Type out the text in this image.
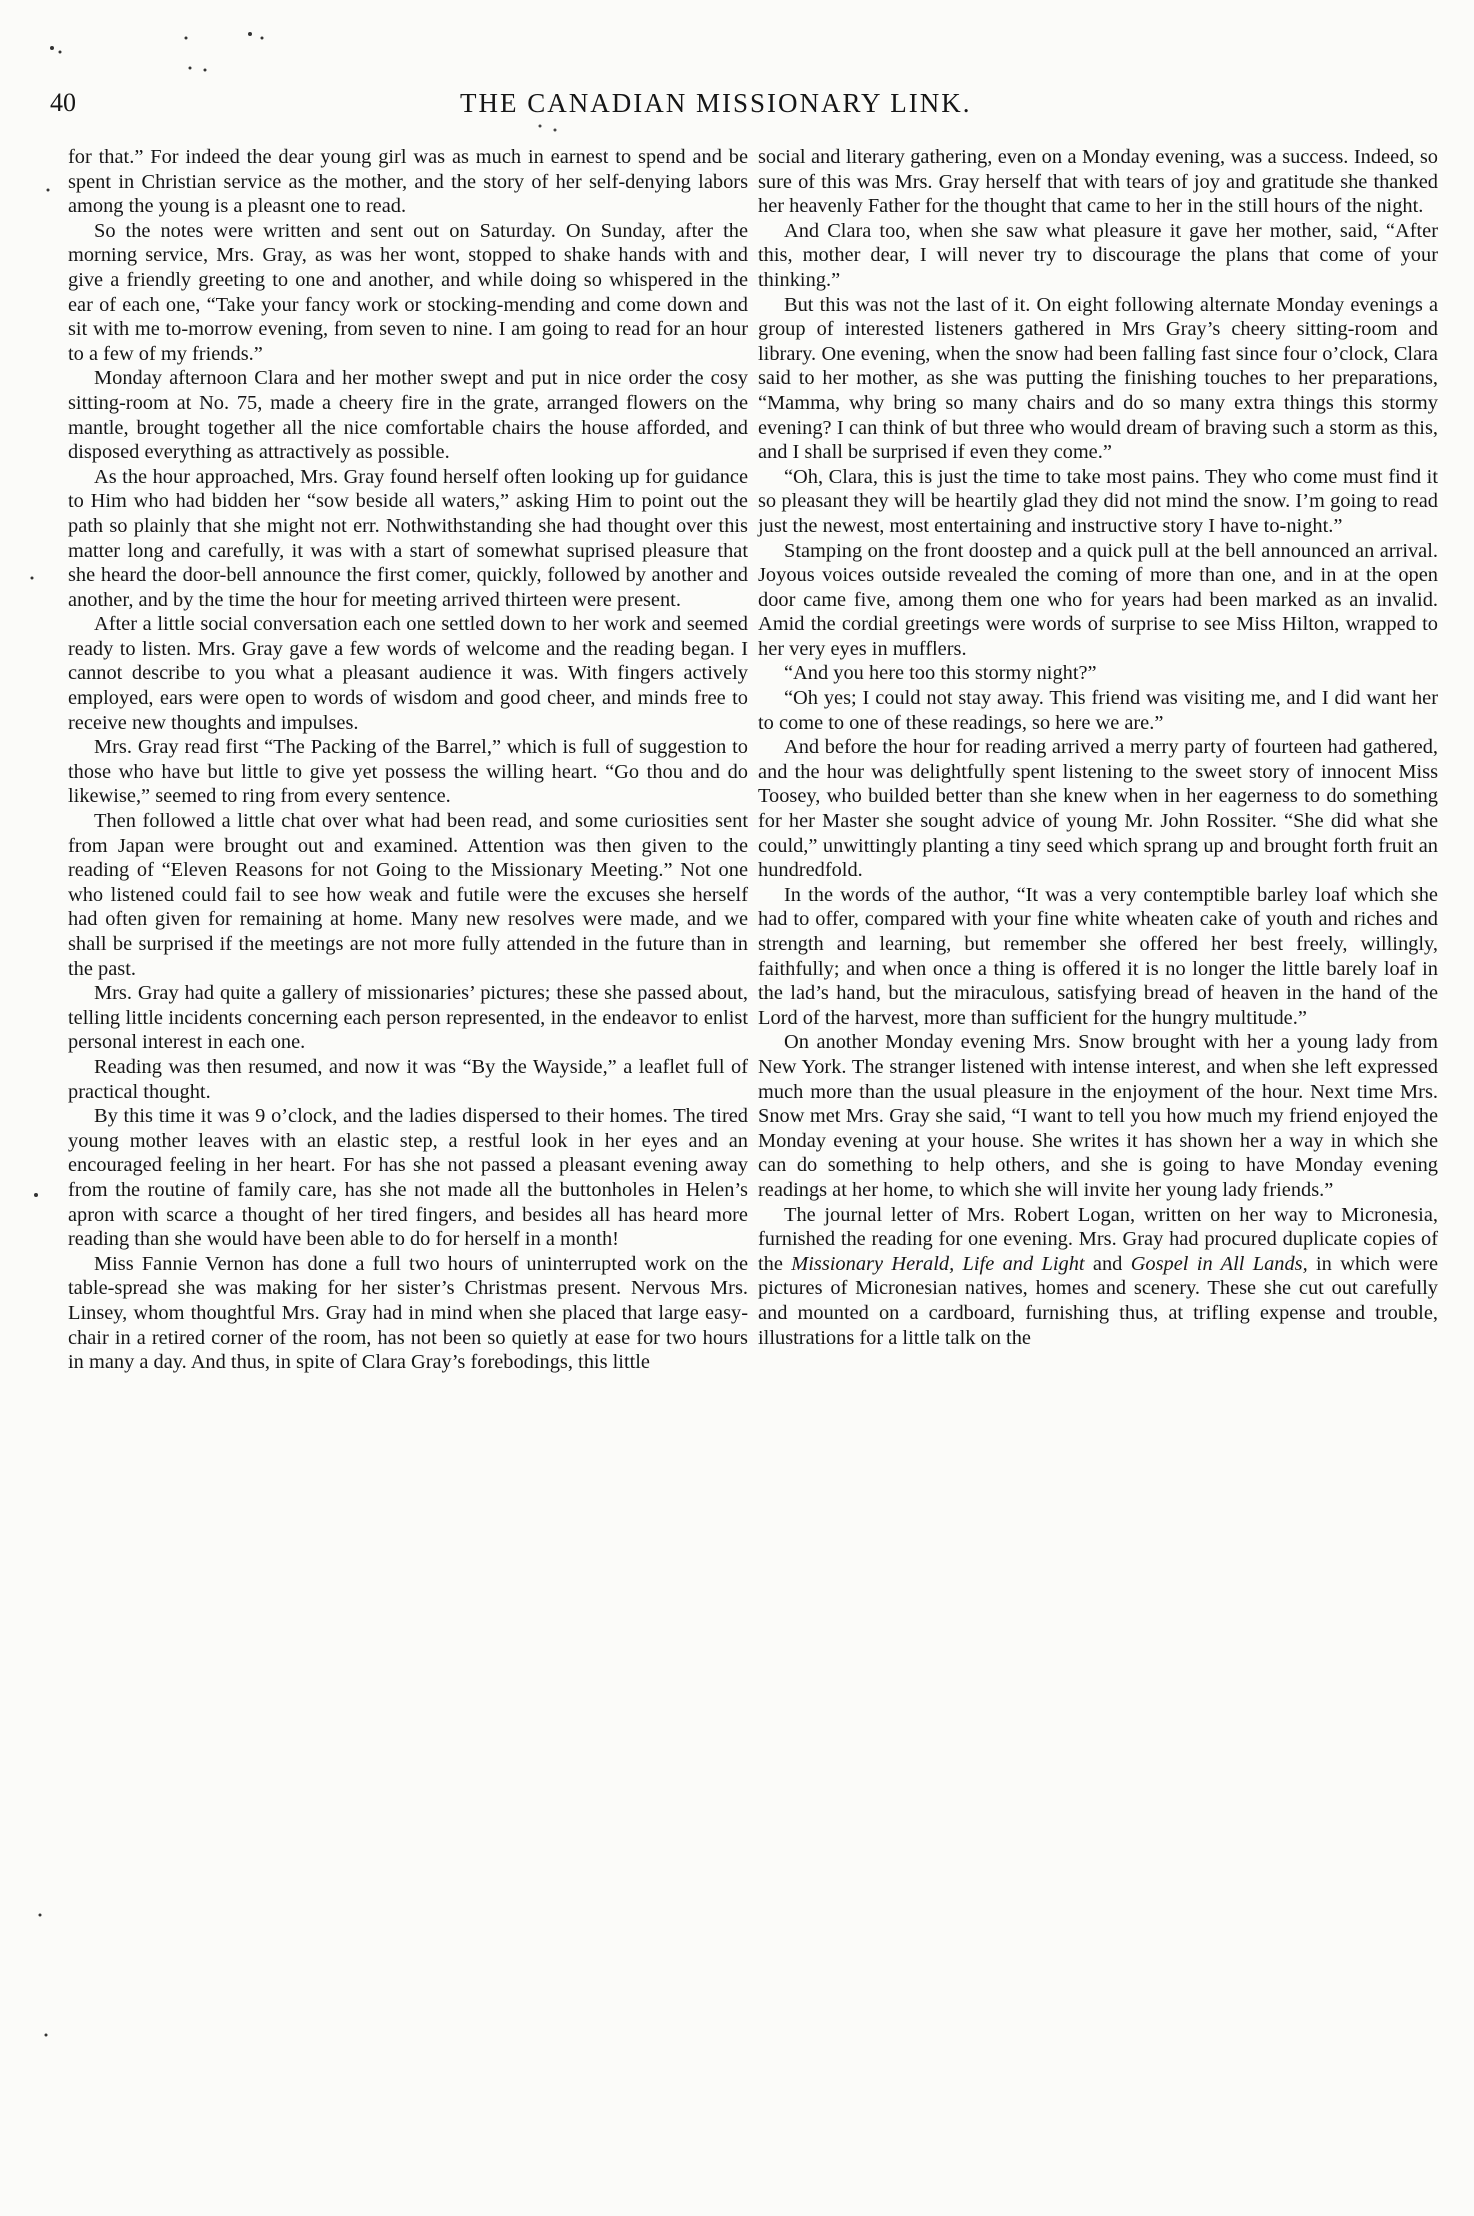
40	THE CANADIAN MISSIONARY LINK.

for that.” For indeed the dear young girl was as much in earnest to spend and be spent in Christian service as the mother, and the story of her self-denying labors among the young is a pleasnt one to read.

So the notes were written and sent out on Saturday. On Sunday, after the morning service, Mrs. Gray, as was her wont, stopped to shake hands with and give a friendly greeting to one and another, and while doing so whispered in the ear of each one, “Take your fancy work or stocking-mending and come down and sit with me to-morrow evening, from seven to nine. I am going to read for an hour to a few of my friends.”

Monday afternoon Clara and her mother swept and put in nice order the cosy sitting-room at No. 75, made a cheery fire in the grate, arranged flowers on the mantle, brought together all the nice comfortable chairs the house afforded, and disposed everything as attractively as possible.

As the hour approached, Mrs. Gray found herself often looking up for guidance to Him who had bidden her “sow beside all waters,” asking Him to point out the path so plainly that she might not err. Nothwithstanding she had thought over this matter long and carefully, it was with a start of somewhat suprised pleasure that she heard the door-bell announce the first comer, quickly, followed by another and another, and by the time the hour for meeting arrived thirteen were present.

After a little social conversation each one settled down to her work and seemed ready to listen. Mrs. Gray gave a few words of welcome and the reading began. I cannot describe to you what a pleasant audience it was. With fingers actively employed, ears were open to words of wisdom and good cheer, and minds free to receive new thoughts and impulses.

Mrs. Gray read first “The Packing of the Barrel,” which is full of suggestion to those who have but little to give yet possess the willing heart. “Go thou and do likewise,” seemed to ring from every sentence.

Then followed a little chat over what had been read, and some curiosities sent from Japan were brought out and examined. Attention was then given to the reading of “Eleven Reasons for not Going to the Missionary Meeting.” Not one who listened could fail to see how weak and futile were the excuses she herself had often given for remaining at home. Many new resolves were made, and we shall be surprised if the meetings are not more fully attended in the future than in the past.

Mrs. Gray had quite a gallery of missionaries’ pictures; these she passed about, telling little incidents concerning each person represented, in the endeavor to enlist personal interest in each one.

Reading was then resumed, and now it was “By the Wayside,” a leaflet full of practical thought.

By this time it was 9 o’clock, and the ladies dispersed to their homes. The tired young mother leaves with an elastic step, a restful look in her eyes and an encouraged feeling in her heart. For has she not passed a pleasant evening away from the routine of family care, has she not made all the buttonholes in Helen’s apron with scarce a thought of her tired fingers, and besides all has heard more reading than she would have been able to do for herself in a month!

Miss Fannie Vernon has done a full two hours of uninterrupted work on the table-spread she was making for her sister’s Christmas present. Nervous Mrs. Linsey, whom thoughtful Mrs. Gray had in mind when she placed that large easy-chair in a retired corner of the room, has not been so quietly at ease for two hours in many a day. And thus, in spite of Clara Gray’s forebodings, this little

social and literary gathering, even on a Monday evening, was a success. Indeed, so sure of this was Mrs. Gray herself that with tears of joy and gratitude she thanked her heavenly Father for the thought that came to her in the still hours of the night.

And Clara too, when she saw what pleasure it gave her mother, said, “After this, mother dear, I will never try to discourage the plans that come of your thinking.”

But this was not the last of it. On eight following alternate Monday evenings a group of interested listeners gathered in Mrs Gray’s cheery sitting-room and library. One evening, when the snow had been falling fast since four o’clock, Clara said to her mother, as she was putting the finishing touches to her preparations, “Mamma, why bring so many chairs and do so many extra things this stormy evening? I can think of but three who would dream of braving such a storm as this, and I shall be surprised if even they come.”

“Oh, Clara, this is just the time to take most pains. They who come must find it so pleasant they will be heartily glad they did not mind the snow. I’m going to read just the newest, most entertaining and instructive story I have to-night.”

Stamping on the front doostep and a quick pull at the bell announced an arrival. Joyous voices outside revealed the coming of more than one, and in at the open door came five, among them one who for years had been marked as an invalid. Amid the cordial greetings were words of surprise to see Miss Hilton, wrapped to her very eyes in mufflers.

“And you here too this stormy night?”

“Oh yes; I could not stay away. This friend was visiting me, and I did want her to come to one of these readings, so here we are.”

And before the hour for reading arrived a merry party of fourteen had gathered, and the hour was delightfully spent listening to the sweet story of innocent Miss Toosey, who builded better than she knew when in her eagerness to do something for her Master she sought advice of young Mr. John Rossiter. “She did what she could,” unwittingly planting a tiny seed which sprang up and brought forth fruit an hundredfold.

In the words of the author, “It was a very contemptible barley loaf which she had to offer, compared with your fine white wheaten cake of youth and riches and strength and learning, but remember she offered her best freely, willingly, faithfully; and when once a thing is offered it is no longer the little barely loaf in the lad’s hand, but the miraculous, satisfying bread of heaven in the hand of the Lord of the harvest, more than sufficient for the hungry multitude.”

On another Monday evening Mrs. Snow brought with her a young lady from New York. The stranger listened with intense interest, and when she left expressed much more than the usual pleasure in the enjoyment of the hour. Next time Mrs. Snow met Mrs. Gray she said, “I want to tell you how much my friend enjoyed the Monday evening at your house. She writes it has shown her a way in which she can do something to help others, and she is going to have Monday evening readings at her home, to which she will invite her young lady friends.”

The journal letter of Mrs. Robert Logan, written on her way to Micronesia, furnished the reading for one evening. Mrs. Gray had procured duplicate copies of the Missionary Herald, Life and Light and Gospel in All Lands, in which were pictures of Micronesian natives, homes and scenery. These she cut out carefully and mounted on a cardboard, furnishing thus, at trifling expense and trouble, illustrations for a little talk on the
